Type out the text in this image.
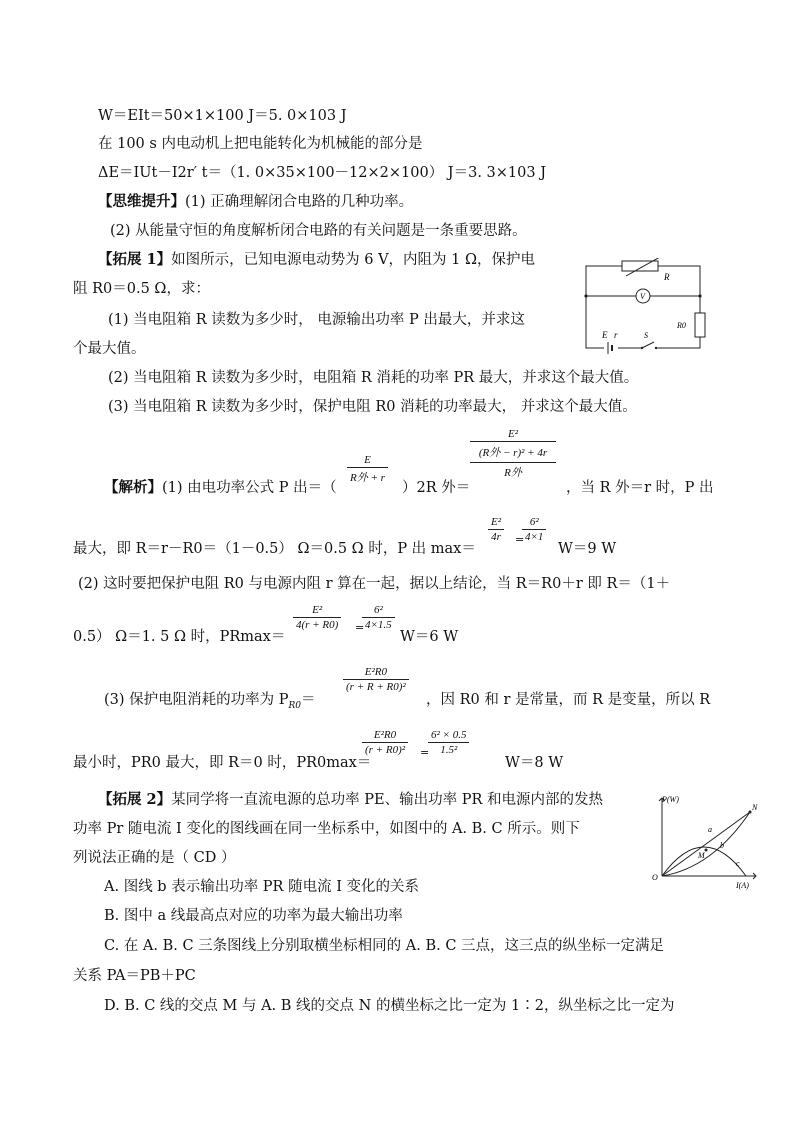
W＝EIt＝50×1×100 J＝5. 0×103 J
在 100 s 内电动机上把电能转化为机械能的部分是
ΔE＝IUt－I2r′ t＝（1. 0×35×100－12×2×100） J＝3. 3×103 J
【思维提升】(1) 正确理解闭合电路的几种功率。
(2) 从能量守恒的角度解析闭合电路的有关问题是一条重要思路。
【拓展 1】如图所示，已知电源电动势为 6 V，内阻为 1 Ω，保护电
阻 R0＝0.5 Ω，求：
(1) 当电阻箱 R 读数为多少时， 电源输出功率 P 出最大，并求这
个最大值。
(2) 当电阻箱 R 读数为多少时，电阻箱 R 消耗的功率 PR 最大，并求这个最大值。
(3) 当电阻箱 R 读数为多少时，保护电阻 R0 消耗的功率最大， 并求这个最大值。
R
V
E r	S
R0
【解析】(1) 由电功率公式 P 出＝（
E
R外 + r
）2R 外＝
E²
(R外 − r)² + 4r
R外
，当 R 外＝r 时，P 出
最大，即 R＝r－R0＝（1－0.5） Ω＝0.5 Ω 时，P 出 max＝
$\frac{\text{E²}}{4r}$ =
$\frac{\text{6²}}{4\times 1}$
W＝9 W
(2) 这时要把保护电阻 R0 与电源内阻 r 算在一起，据以上结论，当 R＝R0＋r 即 R＝（1＋
0.5） Ω＝1. 5 Ω 时，PRmax＝
$\frac{\text{E²}}{4(r + R0)}$ =
$\frac{\text{6²}}{4\times 1.5}$
W＝6 W
(3) 保护电阻消耗的功率为 $P_{R0}=$
$\frac{\text{E²R0}}{\text{(r + R + R0)²}}$
，因 R0 和 r 是常量，而 R 是变量，所以 R
最小时，PR0 最大，即 R＝0 时，PR0max＝
$\frac{\text{E²R0}}{\text{(r + R0)²}}$ =
$\frac{\text{6² × 0.5}}{\text{1.5²}}$
W＝8 W
【拓展 2】某同学将一直流电源的总功率 PE、输出功率 PR 和电源内部的发热
功率 Pr 随电流 I 变化的图线画在同一坐标系中，如图中的 A. B. C 所示。则下
列说法正确的是（ CD ）
A. 图线 b 表示输出功率 PR 随电流 I 变化的关系
B. 图中 a 线最高点对应的功率为最大输出功率
C. 在 A. B. C 三条图线上分别取横坐标相同的 A. B. C 三点，这三点的纵坐标一定满足
关系 PA＝PB＋PC
D. B. C 线的交点 M 与 A. B 线的交点 N 的横坐标之比一定为 1∶2，纵坐标之比一定为
P(W)
I(A)
O
N
M
a
b
c
